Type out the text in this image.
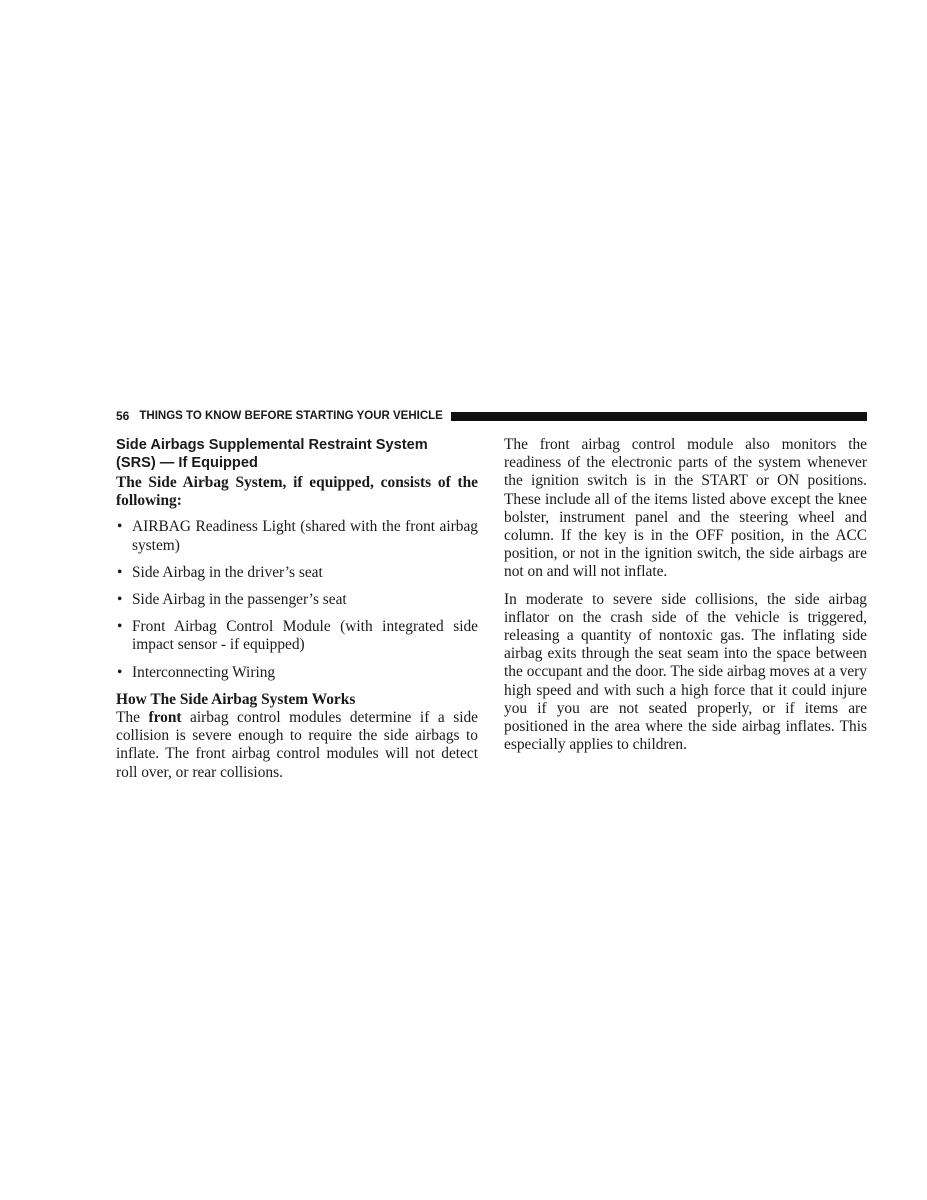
56 THINGS TO KNOW BEFORE STARTING YOUR VEHICLE
Side Airbags Supplemental Restraint System
(SRS) — If Equipped

The Side Airbag System, if equipped, consists of the following:

• AIRBAG Readiness Light (shared with the front airbag system)
• Side Airbag in the driver’s seat
• Side Airbag in the passenger’s seat
• Front Airbag Control Module (with integrated side impact sensor - if equipped)
• Interconnecting Wiring

How The Side Airbag System Works

The front airbag control modules determine if a side collision is severe enough to require the side airbags to inflate. The front airbag control modules will not detect roll over, or rear collisions.

The front airbag control module also monitors the readiness of the electronic parts of the system whenever the ignition switch is in the START or ON positions. These include all of the items listed above except the knee bolster, instrument panel and the steering wheel and column. If the key is in the OFF position, in the ACC position, or not in the ignition switch, the side airbags are not on and will not inflate.

In moderate to severe side collisions, the side airbag inflator on the crash side of the vehicle is triggered, releasing a quantity of nontoxic gas. The inflating side airbag exits through the seat seam into the space between the occupant and the door. The side airbag moves at a very high speed and with such a high force that it could injure you if you are not seated properly, or if items are positioned in the area where the side airbag inflates. This especially applies to children.
